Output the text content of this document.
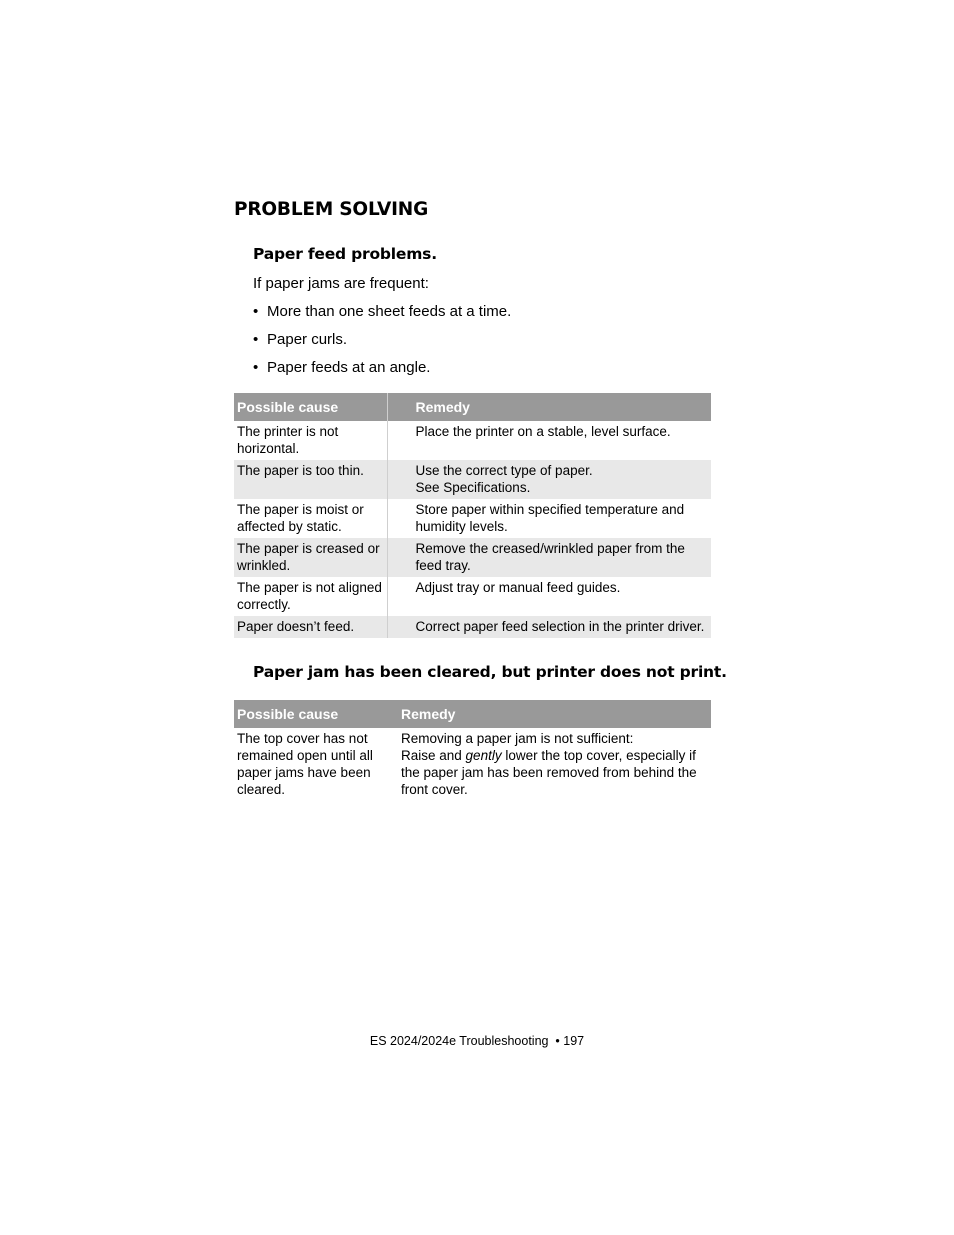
PROBLEM SOLVING
Paper feed problems.

If paper jams are frequent:

• More than one sheet feeds at a time.
• Paper curls.
• Paper feeds at an angle.
Possible cause	Remedy
The printer is not horizontal.	Place the printer on a stable, level surface.
The paper is too thin.	Use the correct type of paper.
See Specifications.

The paper is moist or affected by static.	Store paper within specified temperature and humidity levels.
The paper is creased or wrinkled.	Remove the creased/wrinkled paper from the feed tray.
The paper is not aligned correctly.	Adjust tray or manual feed guides.
Paper doesn’t feed.	Correct paper feed selection in the printer driver.
Paper jam has been cleared, but printer does not print.
Possible cause	Remedy
The top cover has not remained open until all paper jams have been cleared.	Removing a paper jam is not sufficient:
Raise and gently lower the top cover, especially if the paper jam has been removed from behind the front cover.

ES 2024/2024e Troubleshooting  • 197
